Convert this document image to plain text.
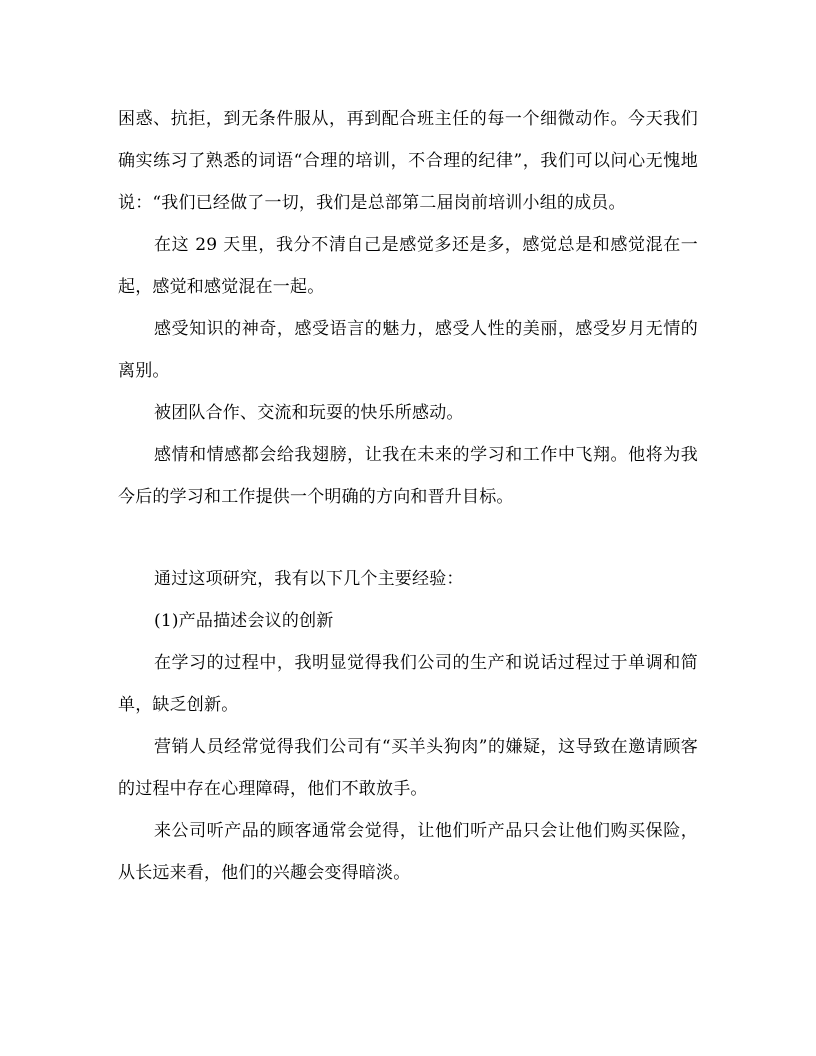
困惑、抗拒，到无条件服从，再到配合班主任的每一个细微动作。今天我们确实练习了熟悉的词语“合理的培训，不合理的纪律”，我们可以问心无愧地说：“我们已经做了一切，我们是总部第二届岗前培训小组的成员。

在这 29 天里，我分不清自己是感觉多还是多，感觉总是和感觉混在一起，感觉和感觉混在一起。

感受知识的神奇，感受语言的魅力，感受人性的美丽，感受岁月无情的离别。

被团队合作、交流和玩耍的快乐所感动。

感情和情感都会给我翅膀，让我在未来的学习和工作中飞翔。他将为我今后的学习和工作提供一个明确的方向和晋升目标。

通过这项研究，我有以下几个主要经验：

(1)产品描述会议的创新

在学习的过程中，我明显觉得我们公司的生产和说话过程过于单调和简单，缺乏创新。

营销人员经常觉得我们公司有“买羊头狗肉”的嫌疑，这导致在邀请顾客的过程中存在心理障碍，他们不敢放手。

来公司听产品的顾客通常会觉得，让他们听产品只会让他们购买保险，从长远来看，他们的兴趣会变得暗淡。
